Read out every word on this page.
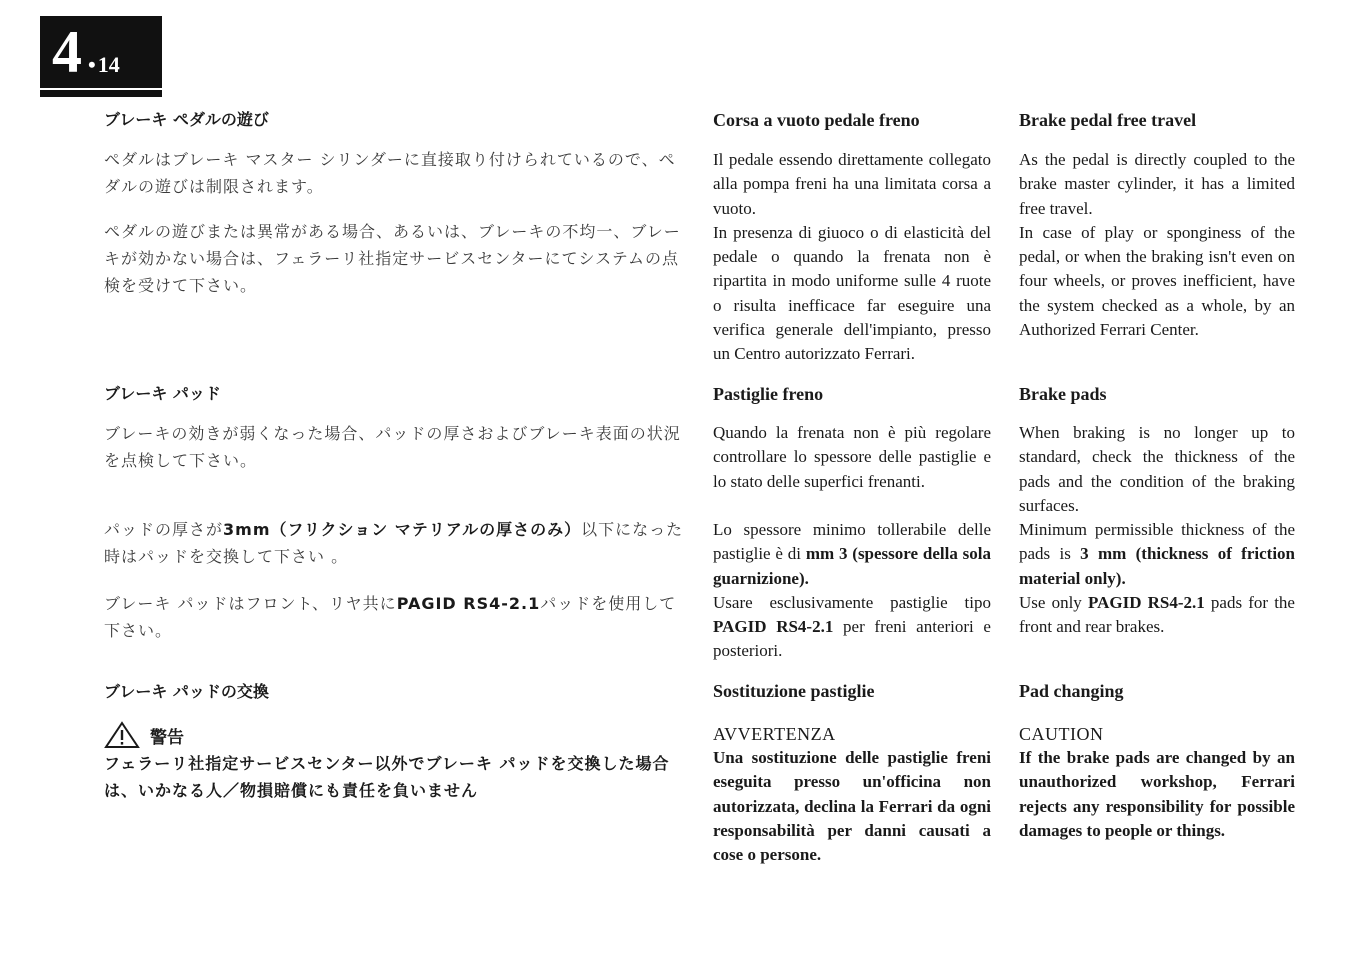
4 • 14

ブレーキ ペダルの遊び

ペダルはブレーキ マスター シリンダーに直接取り付けられているので、ペダルの遊びは制限されます。

ペダルの遊びまたは異常がある場合、あるいは、ブレーキの不均一、ブレーキが効かない場合は、フェラーリ社指定サービスセンターにてシステムの点検を受けて下さい。

ブレーキ パッド

ブレーキの効きが弱くなった場合、パッドの厚さおよびブレーキ表面の状況を点検して下さい。

パッドの厚さが3mm（フリクション マテリアルの厚さのみ）以下になった時はパッドを交換して下さい 。

ブレーキ パッドはフロント、リヤ共にPAGID RS4-2.1パッドを使用して下さい。

ブレーキ パッドの交換

警告

フェラーリ社指定サービスセンター以外でブレーキ パッドを交換した場合は、いかなる人／物損賠償にも責任を負いません

Corsa a vuoto pedale freno

Il pedale essendo direttamente collegato alla pompa freni ha una limitata corsa a vuoto.

In presenza di giuoco o di elasticità del pedale o quando la frenata non è ripartita in modo uniforme sulle 4 ruote o risulta inefficace far eseguire una verifica generale dell'impianto, presso un Centro autorizzato Ferrari.

Pastiglie freno

Quando la frenata non è più regolare controllare lo spessore delle pastiglie e lo stato delle superfici frenanti.

Lo spessore minimo tollerabile delle pastiglie è di mm 3 (spessore della sola guarnizione).

Usare esclusivamente pastiglie tipo PAGID RS4-2.1 per freni anteriori e posteriori.

Sostituzione pastiglie

AVVERTENZA

Una sostituzione delle pastiglie freni eseguita presso un'officina non autorizzata, declina la Ferrari da ogni responsabilità per danni causati a cose o persone.

Brake pedal free travel

As the pedal is directly coupled to the brake master cylinder, it has a limited free travel.

In case of play or sponginess of the pedal, or when the braking isn't even on four wheels, or proves inefficient, have the system checked as a whole, by an Authorized Ferrari Center.

Brake pads

When braking is no longer up to standard, check the thickness of the pads and the condition of the braking surfaces.

Minimum permissible thickness of the pads is 3 mm (thickness of friction material only).

Use only PAGID RS4-2.1 pads for the front and rear brakes.

Pad changing

CAUTION

If the brake pads are changed by an unauthorized workshop, Ferrari rejects any responsibility for possible damages to people or things.
